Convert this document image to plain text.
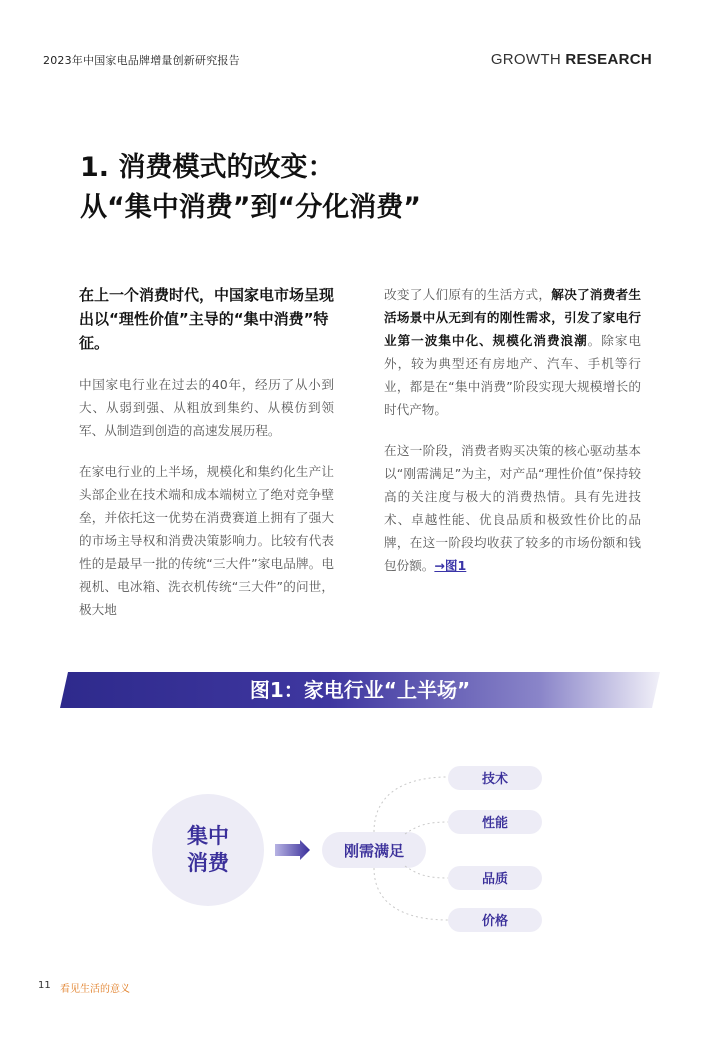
2023年中国家电品牌增量创新研究报告	GROWTH RESEARCH
1. 消费模式的改变：
从“集中消费”到“分化消费”

在上一个消费时代，中国家电市场呈现出以“理性价值”主导的“集中消费”特征。

中国家电行业在过去的40年，经历了从小到大、从弱到强、从粗放到集约、从模仿到领军、从制造到创造的高速发展历程。

在家电行业的上半场，规模化和集约化生产让头部企业在技术端和成本端树立了绝对竞争壁垒，并依托这一优势在消费赛道上拥有了强大的市场主导权和消费决策影响力。比较有代表性的是最早一批的传统“三大件”家电品牌。电视机、电冰箱、洗衣机传统“三大件”的问世，极大地

改变了人们原有的生活方式，解决了消费者生活场景中从无到有的刚性需求，引发了家电行业第一波集中化、规模化消费浪潮。除家电外，较为典型还有房地产、汽车、手机等行业，都是在“集中消费”阶段实现大规模增长的时代产物。

在这一阶段，消费者购买决策的核心驱动基本以“刚需满足”为主，对产品“理性价值”保持较高的关注度与极大的消费热情。具有先进技术、卓越性能、优良品质和极致性价比的品牌，在这一阶段均收获了较多的市场份额和钱包份额。→图1

图1：家电行业“上半场”
集中
消费	刚需满足
技术
性能
品质
价格
11 看见生活的意义
